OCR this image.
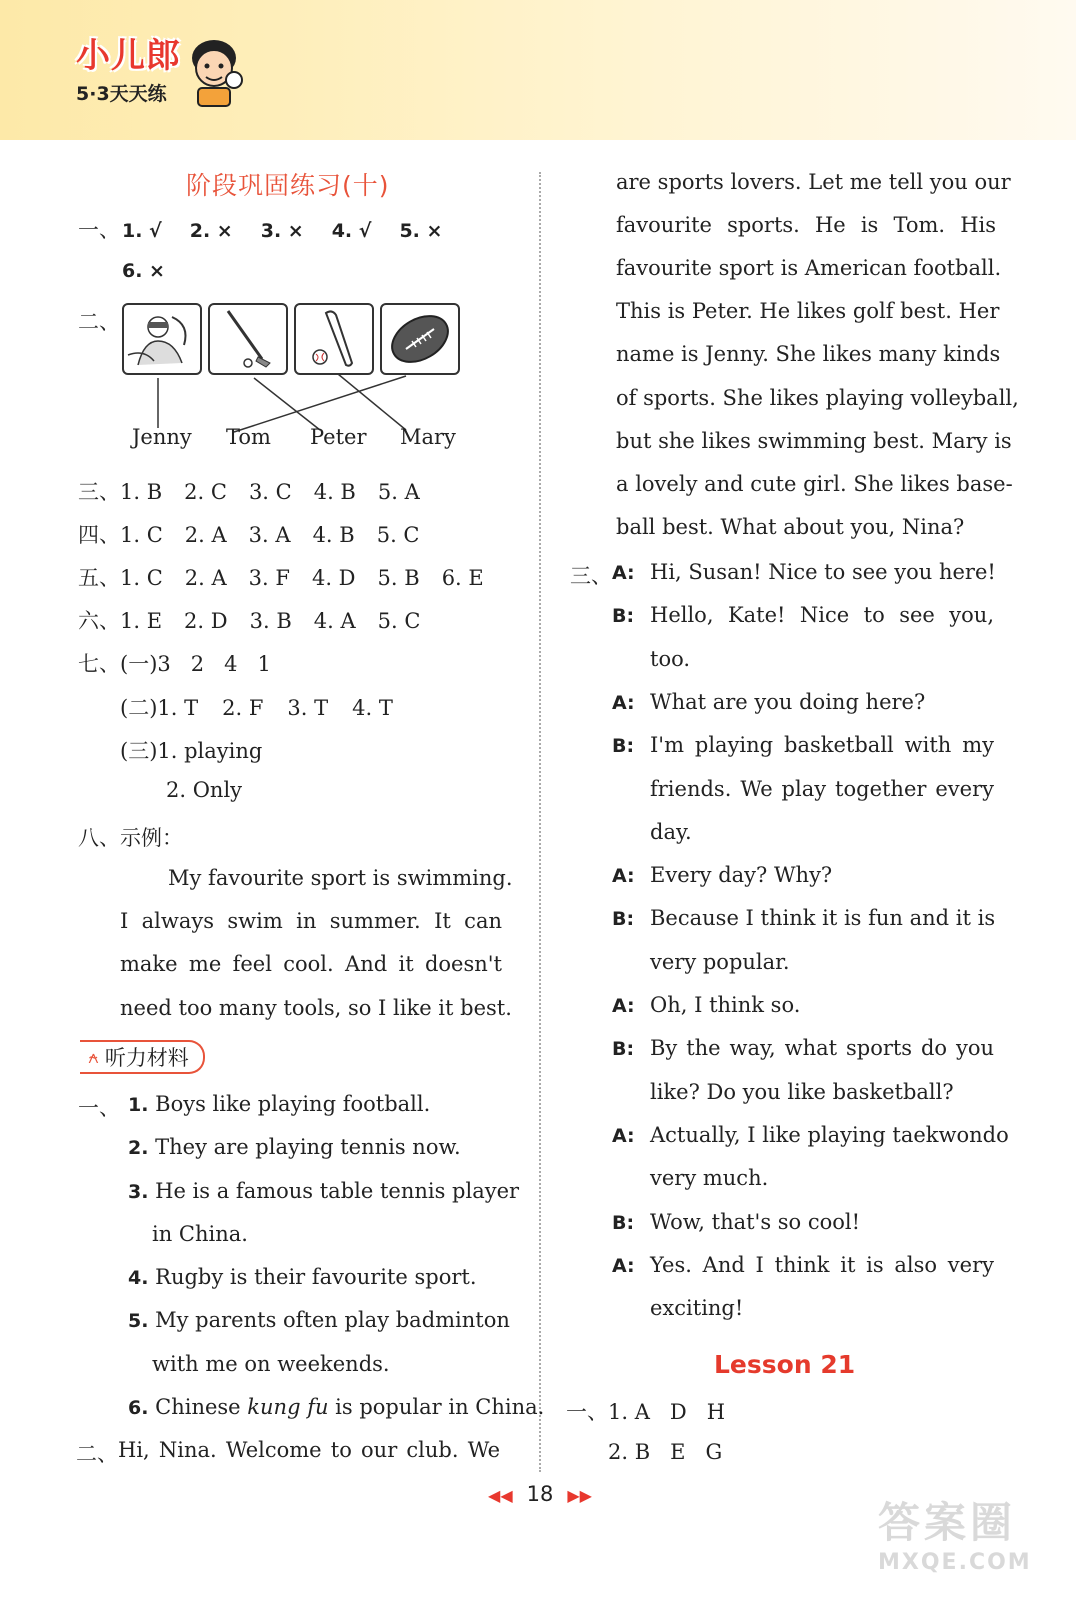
小儿郎
5·3天天练
阶段巩固练习(十)
一、 1. √ 2. × 3. × 4. √ 5. ×
6. ×
二、
Jenny Tom Peter Mary
三、1. B 2. C 3. C 4. B 5. A
四、1. C 2. A 3. A 4. B 5. C
五、1. C 2. A 3. F 4. D 5. B 6. E
六、1. E 2. D 3. B 4. A 5. C
七、(一)3   2   4   1
(二)1. T 2. F 3. T 4. T
(三)1. playing
2. Only
八、示例：
My favourite sport is swimming.
I always swim in summer. It can
make me feel cool. And it doesn't
need too many tools, so I like it best.
⍲ 听力材料
一、 1. Boys like playing football.
2. They are playing tennis now.
3. He is a famous table tennis player
in China.
4. Rugby is their favourite sport.
5. My parents often play badminton
with me on weekends.
6. Chinese kung fu is popular in China.
二、 Hi, Nina. Welcome to our club. We
are sports lovers. Let me tell you our
favourite sports. He is Tom. His
favourite sport is American football.
This is Peter. He likes golf best. Her
name is Jenny. She likes many kinds
of sports. She likes playing volleyball,
but she likes swimming best. Mary is
a lovely and cute girl. She likes base-
ball best. What about you, Nina?
三、 A: Hi, Susan! Nice to see you here!
B: Hello, Kate! Nice to see you,
too.
A: What are you doing here?
B: I'm playing basketball with my
friends. We play together every
day.
A: Every day? Why?
B: Because I think it is fun and it is
very popular.
A: Oh, I think so.
B: By the way, what sports do you
like? Do you like basketball?
A: Actually, I like playing taekwondo
very much.
B: Wow, that's so cool!
A: Yes. And I think it is also very
exciting!
Lesson 21
一、1. A   D   H
2. B   E   G
◀◀ 18 ▶▶
答案圈
MXQE.COM
